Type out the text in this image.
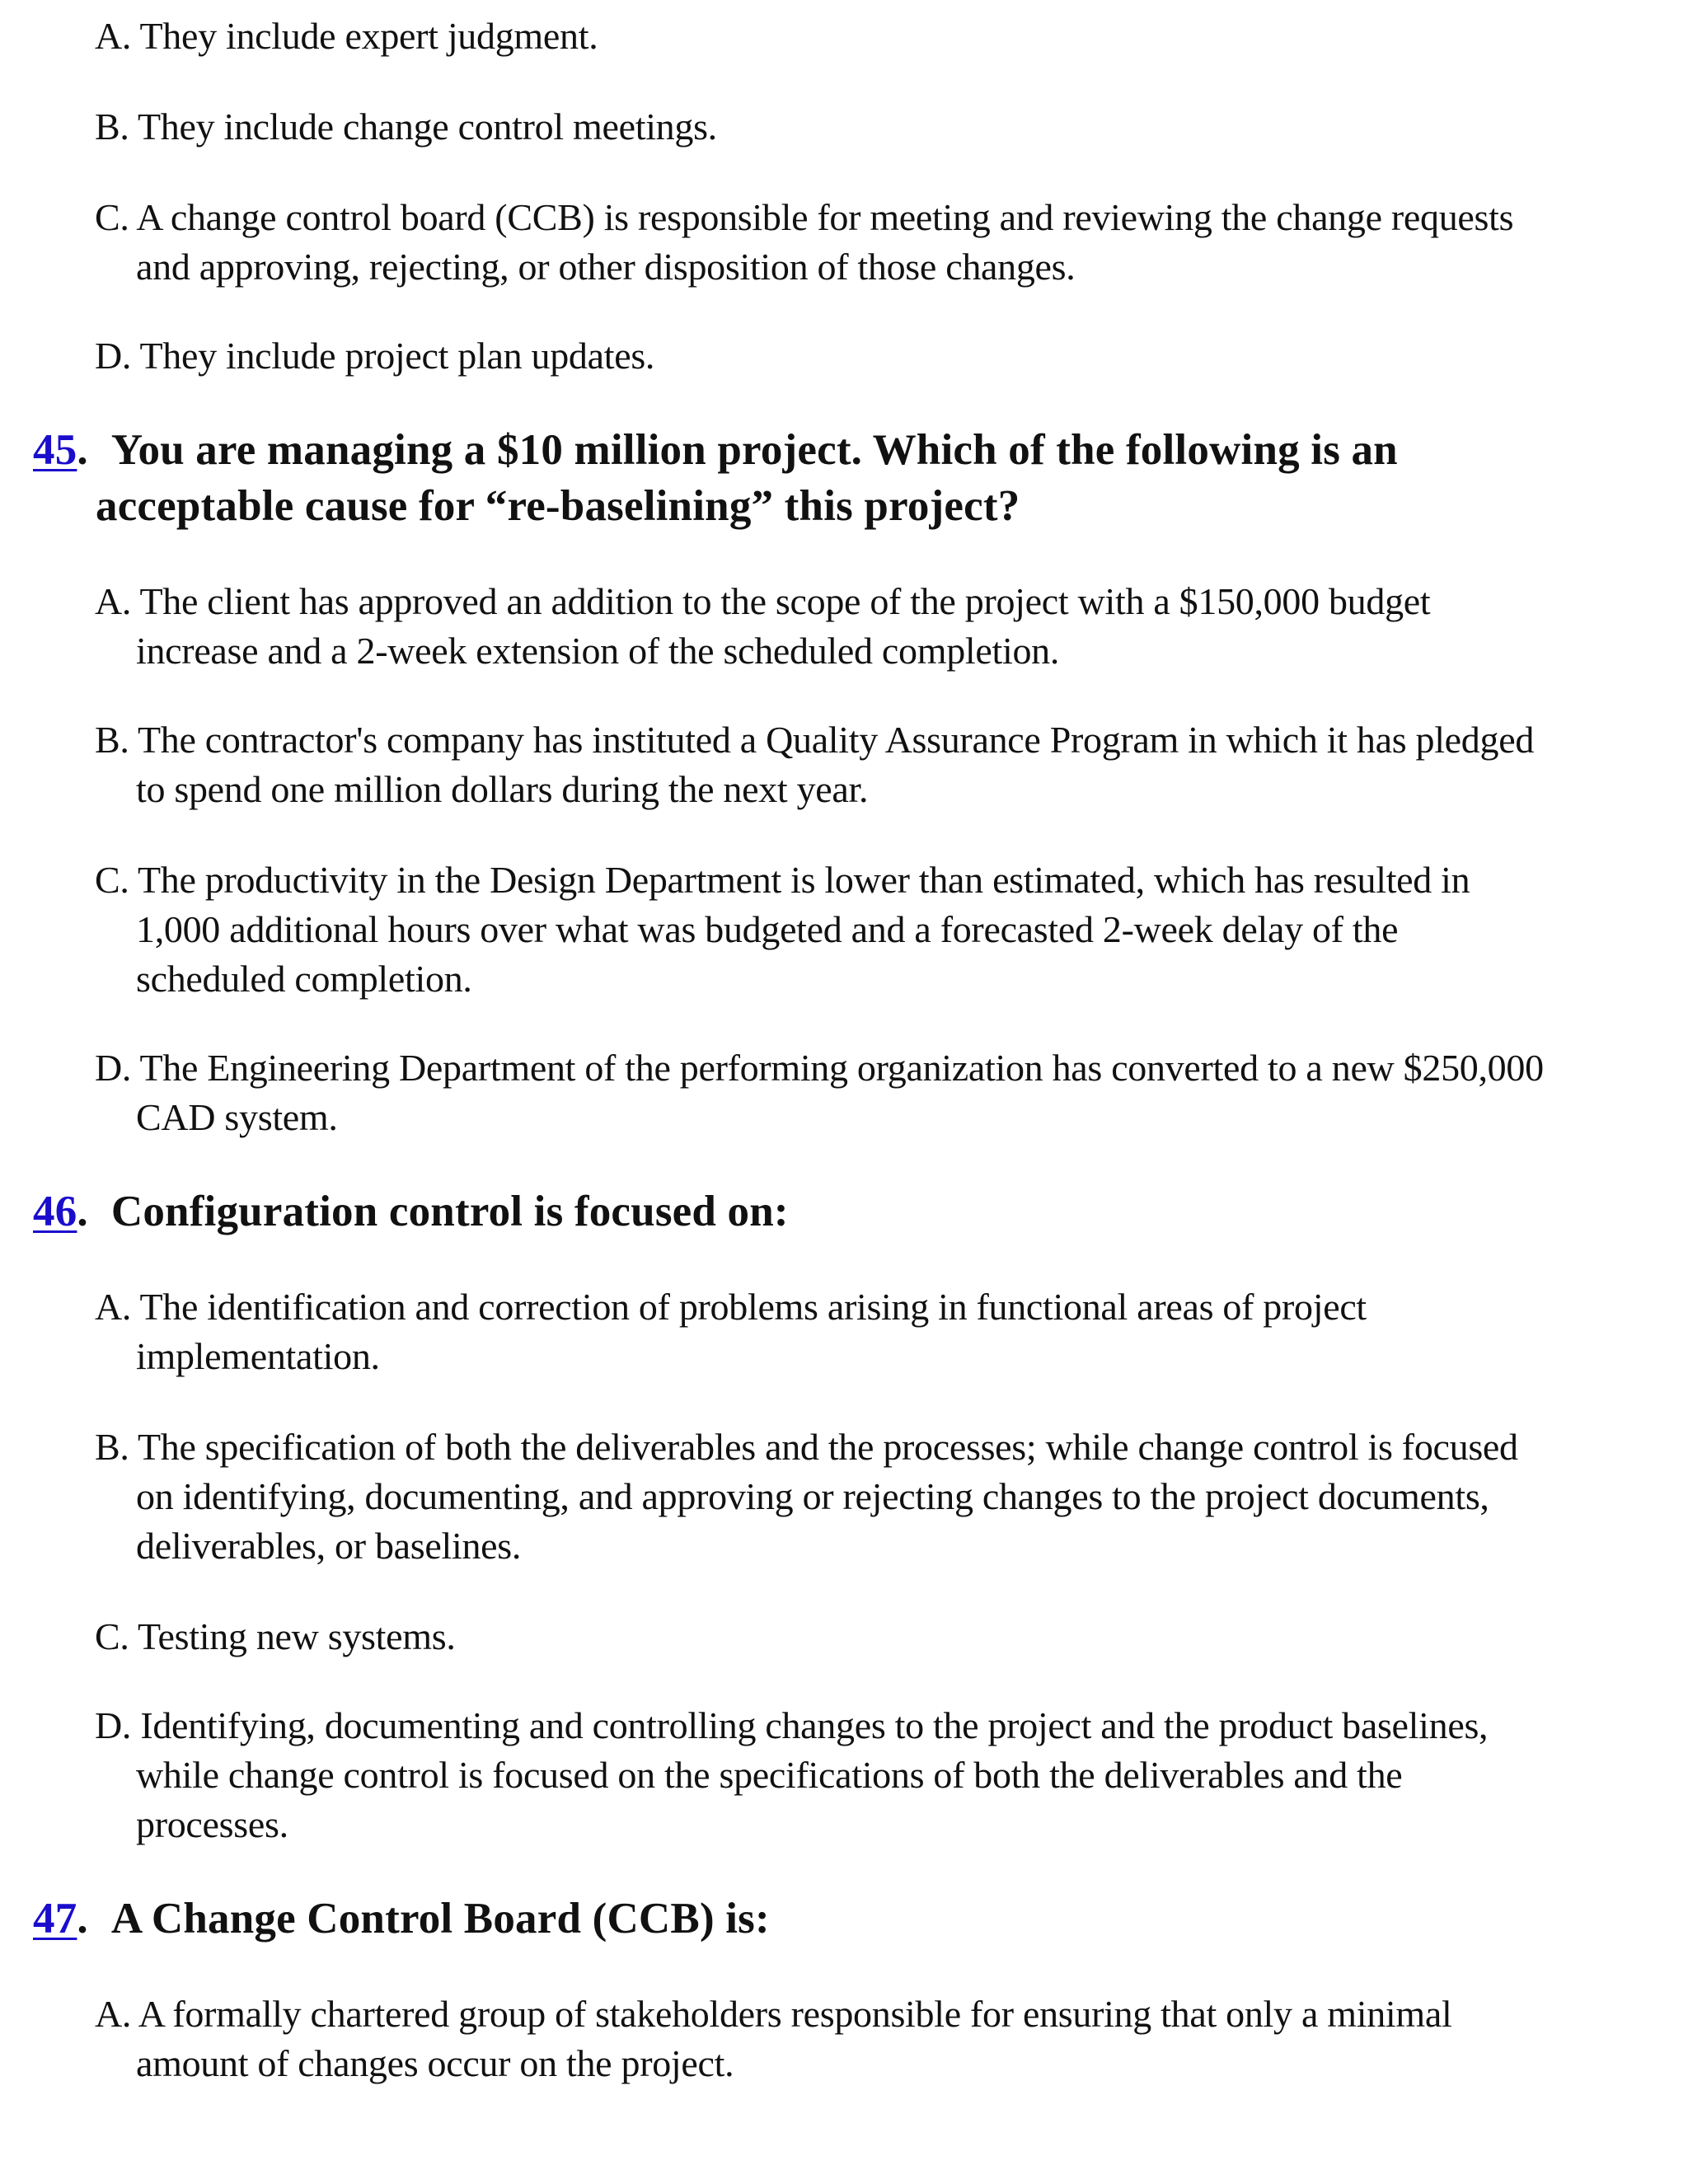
A. They include expert judgment.
B. They include change control meetings.
C. A change control board (CCB) is responsible for meeting and reviewing the change requests
and approving, rejecting, or other disposition of those changes.
D. They include project plan updates.
45. You are managing a $10 million project. Which of the following is an
acceptable cause for “re-baselining” this project?
A. The client has approved an addition to the scope of the project with a $150,000 budget
increase and a 2-week extension of the scheduled completion.
B. The contractor's company has instituted a Quality Assurance Program in which it has pledged
to spend one million dollars during the next year.
C. The productivity in the Design Department is lower than estimated, which has resulted in
1,000 additional hours over what was budgeted and a forecasted 2-week delay of the
scheduled completion.
D. The Engineering Department of the performing organization has converted to a new $250,000
CAD system.
46. Configuration control is focused on:
A. The identification and correction of problems arising in functional areas of project
implementation.
B. The specification of both the deliverables and the processes; while change control is focused
on identifying, documenting, and approving or rejecting changes to the project documents,
deliverables, or baselines.
C. Testing new systems.
D. Identifying, documenting and controlling changes to the project and the product baselines,
while change control is focused on the specifications of both the deliverables and the
processes.
47. A Change Control Board (CCB) is:
A. A formally chartered group of stakeholders responsible for ensuring that only a minimal
amount of changes occur on the project.
